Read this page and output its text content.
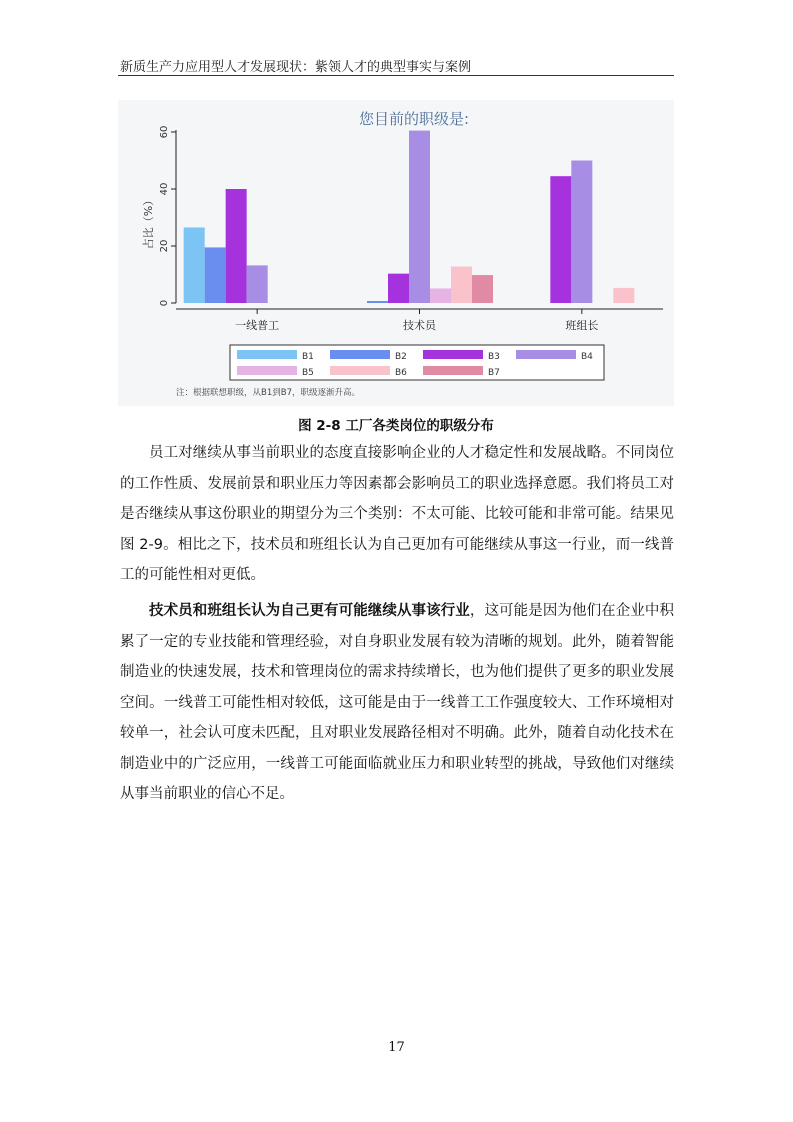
新质生产力应用型人才发展现状：紫领人才的典型事实与案例
您目前的职级是:
占比（%）
0
20
40
60
一线普工	技术员	班组长
B1	B2	B3	B4
B5	B6	B7
注：根据联想职级，从B1到B7，职级逐渐升高。
图 2-8 工厂各类岗位的职级分布

员工对继续从事当前职业的态度直接影响企业的人才稳定性和发展战略。不同岗位的工作性质、发展前景和职业压力等因素都会影响员工的职业选择意愿。我们将员工对是否继续从事这份职业的期望分为三个类别：不太可能、比较可能和非常可能。结果见图 2-9。相比之下，技术员和班组长认为自己更加有可能继续从事这一行业，而一线普工的可能性相对更低。

技术员和班组长认为自己更有可能继续从事该行业，这可能是因为他们在企业中积累了一定的专业技能和管理经验，对自身职业发展有较为清晰的规划。此外，随着智能制造业的快速发展，技术和管理岗位的需求持续增长，也为他们提供了更多的职业发展空间。一线普工可能性相对较低，这可能是由于一线普工工作强度较大、工作环境相对较单一，社会认可度未匹配，且对职业发展路径相对不明确。此外，随着自动化技术在制造业中的广泛应用，一线普工可能面临就业压力和职业转型的挑战，导致他们对继续从事当前职业的信心不足。

17
